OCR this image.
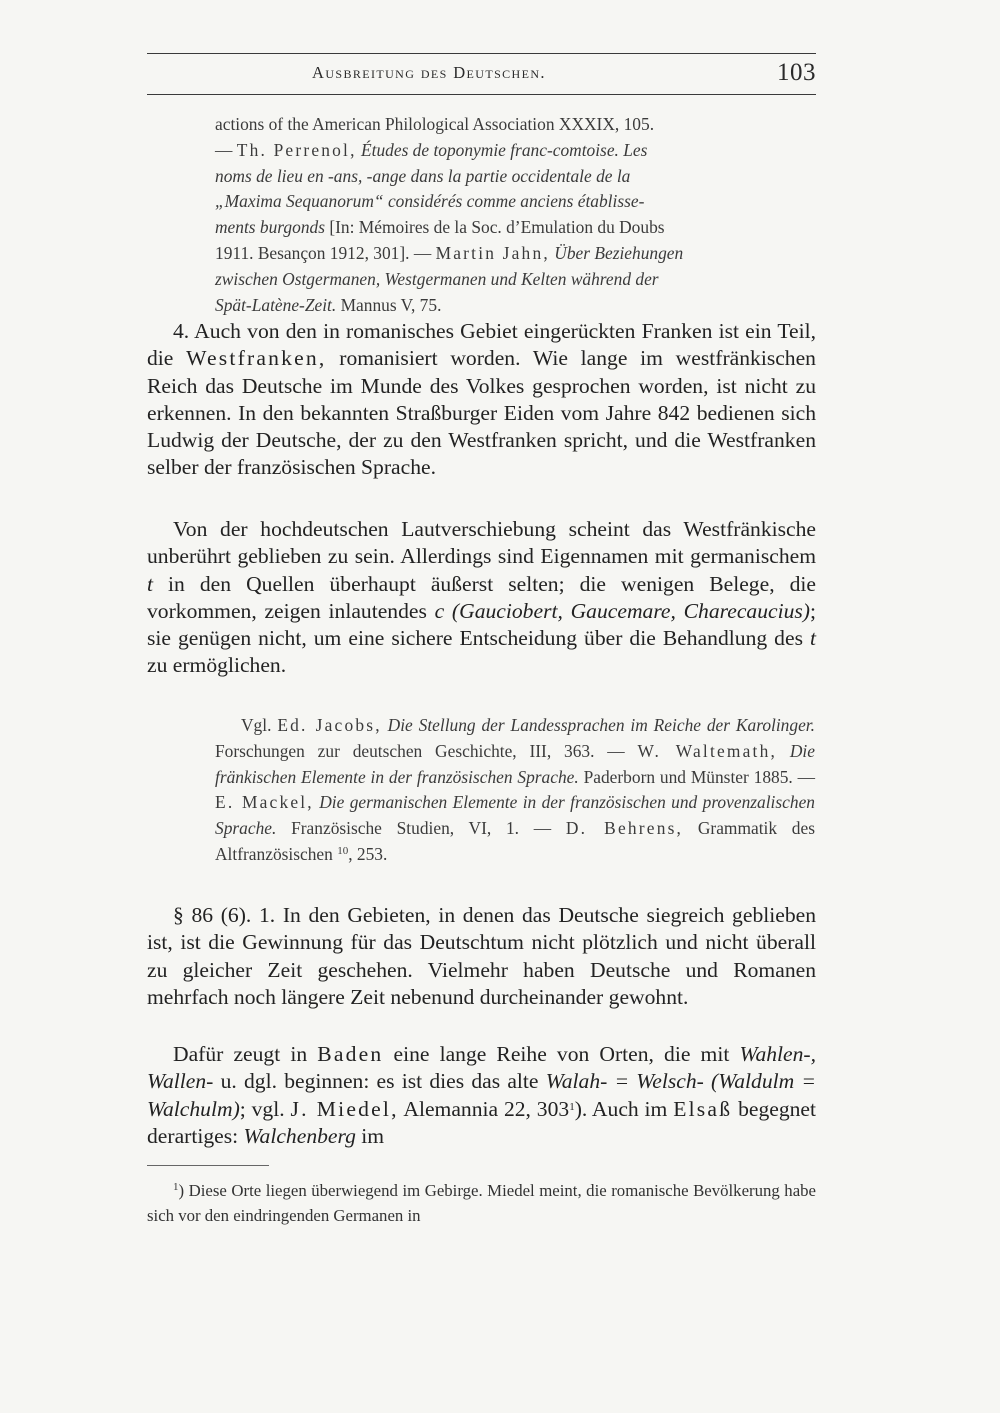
Ausbreitung des Deutschen.	103

actions of the American Philological Association XXXIX, 105.

— Th. Perrenol, Études de toponymie franc-comtoise. Les

noms de lieu en -ans, -ange dans la partie occidentale de la

„Maxima Sequanorum“ considérés comme anciens établisse-

ments burgonds [In: Mémoires de la Soc. d’Emulation du Doubs

1911. Besançon 1912, 301]. — Martin Jahn, Über Beziehungen

zwischen Ostgermanen, Westgermanen und Kelten während der

Spät-Latène-Zeit. Mannus V, 75.

4. Auch von den in romanisches Gebiet eingerückten Franken ist ein Teil, die Westfranken, romanisiert worden. Wie lange im westfränkischen Reich das Deutsche im Munde des Volkes gesprochen worden, ist nicht zu erkennen. In den bekannten Straßburger Eiden vom Jahre 842 bedienen sich Ludwig der Deutsche, der zu den Westfranken spricht, und die Westfranken selber der französischen Sprache.

Von der hochdeutschen Lautverschiebung scheint das Westfränkische unberührt geblieben zu sein. Allerdings sind Eigennamen mit germanischem t in den Quellen überhaupt äußerst selten; die wenigen Belege, die vorkommen, zeigen inlautendes c (Gauciobert, Gaucemare, Charecaucius); sie genügen nicht, um eine sichere Entscheidung über die Behandlung des t zu ermöglichen.

Vgl. Ed. Jacobs, Die Stellung der Landessprachen im Reiche der Karolinger. Forschungen zur deutschen Geschichte, III, 363. — W. Waltemath, Die fränkischen Elemente in der französischen Sprache. Paderborn und Münster 1885. — E. Mackel, Die germanischen Elemente in der französischen und provenzalischen Sprache. Französische Studien, VI, 1. — D. Behrens, Grammatik des Altfranzösischen $^{10}$, 253.

§ 86 (6). 1. In den Gebieten, in denen das Deutsche siegreich geblieben ist, ist die Gewinnung für das Deutschtum nicht plötzlich und nicht überall zu gleicher Zeit geschehen. Vielmehr haben Deutsche und Romanen mehrfach noch längere Zeit nebenund durcheinander gewohnt.

Dafür zeugt in Baden eine lange Reihe von Orten, die mit Wahlen-, Wallen- u. dgl. beginnen: es ist dies das alte Walah- = Welsch- (Waldulm = Walchulm); vgl. J. Miedel, Alemannia 22, $303^1$). Auch im Elsaß begegnet derartiges: Walchenberg im

$^1$) Diese Orte liegen überwiegend im Gebirge. Miedel meint, die romanische Bevölkerung habe sich vor den eindringenden Germanen in
